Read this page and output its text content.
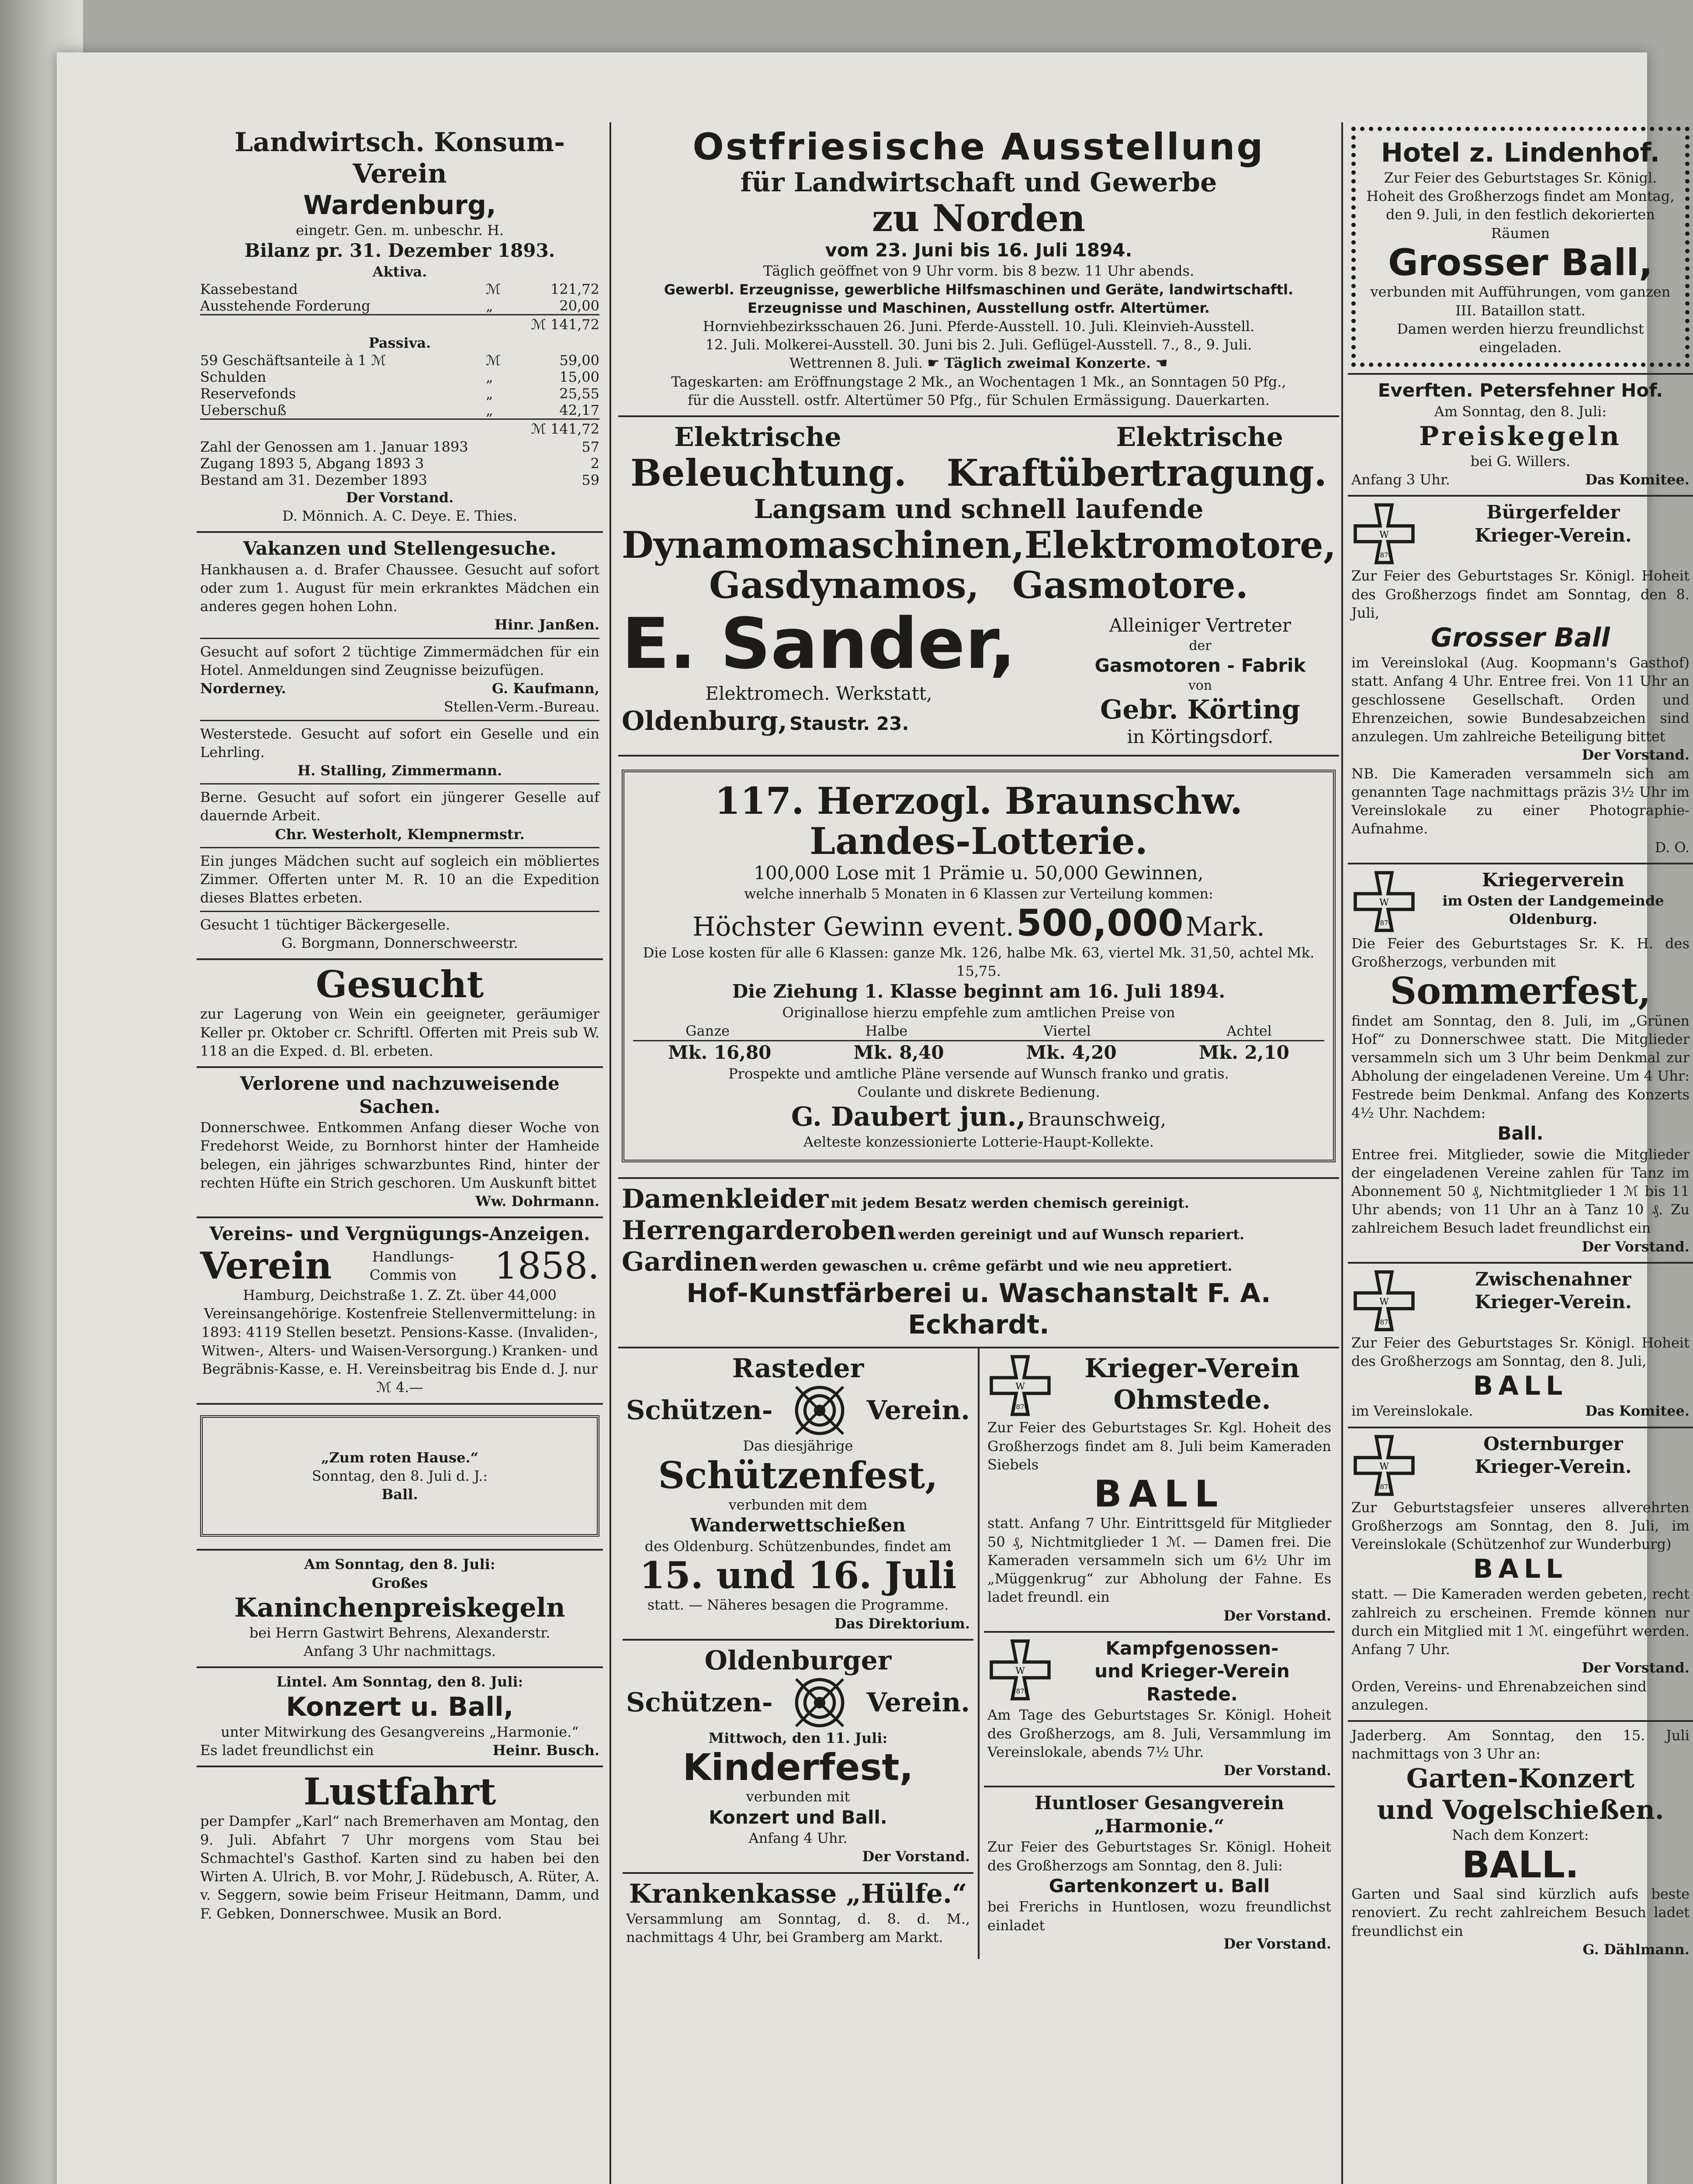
Landwirtsch. Konsum-Verein
Wardenburg,
eingetr. Gen. m. unbeschr. H.
Bilanz pr. 31. Dezember 1893.
Aktiva.
Kassebestand	ℳ	121,72
Ausstehende Forderung	„	20,00
ℳ 141,72
Passiva.
59 Geschäftsanteile à 1 ℳ	ℳ	59,00
Schulden	„	15,00
Reservefonds	„	25,55
Ueberschuß	„	42,17
ℳ 141,72
Zahl der Genossen am 1. Januar 1893	57
Zugang 1893 5, Abgang 1893 3	2
Bestand am 31. Dezember 1893	59
Der Vorstand.
D. Mönnich. A. C. Deye. E. Thies.
Vakanzen und Stellengesuche.
Hankhausen a. d. Brafer Chaussee. Gesucht auf sofort oder zum 1. August für mein erkranktes Mädchen ein anderes gegen hohen Lohn.
Hinr. Janßen.
Gesucht auf sofort 2 tüchtige Zimmermädchen für ein Hotel. Anmeldungen sind Zeugnisse beizufügen.
Norderney.	G. Kaufmann,
Stellen-Verm.-Bureau.
Westerstede. Gesucht auf sofort ein Geselle und ein Lehrling.
H. Stalling, Zimmermann.
Berne. Gesucht auf sofort ein jüngerer Geselle auf dauernde Arbeit.
Chr. Westerholt, Klempnermstr.
Ein junges Mädchen sucht auf sogleich ein möbliertes Zimmer. Offerten unter M. R. 10 an die Expedition dieses Blattes erbeten.
Gesucht 1 tüchtiger Bäckergeselle.
G. Borgmann, Donnerschweerstr.
Gesucht
zur Lagerung von Wein ein geeigneter, geräumiger Keller pr. Oktober cr. Schriftl. Offerten mit Preis sub W. 118 an die Exped. d. Bl. erbeten.
Verlorene und nachzuweisende Sachen.
Donnerschwee. Entkommen Anfang dieser Woche von Fredehorst Weide, zu Bornhorst hinter der Hamheide belegen, ein jähriges schwarzbuntes Rind, hinter der rechten Hüfte ein Strich geschoren. Um Auskunft bittet
Ww. Dohrmann.
Vereins- und Vergnügungs-Anzeigen.
Verein	Handlungs-Commis von 1858.
Hamburg, Deichstraße 1. Z. Zt. über 44,000 Vereinsangehörige. Kostenfreie Stellenvermittelung: in 1893: 4119 Stellen besetzt. Pensions-Kasse. (Invaliden-, Witwen-, Alters- und Waisen-Versorgung.) Kranken- und Begräbnis-Kasse, e. H. Vereinsbeitrag bis Ende d. J. nur ℳ 4.—
„Zum roten Hause.“
Sonntag, den 8. Juli d. J.:
Ball.
Am Sonntag, den 8. Juli:
Großes
Kaninchenpreiskegeln
bei Herrn Gastwirt Behrens, Alexanderstr.
Anfang 3 Uhr nachmittags.
Lintel. Am Sonntag, den 8. Juli:
Konzert u. Ball,
unter Mitwirkung des Gesangvereins „Harmonie.“
Es ladet freundlichst ein	Heinr. Busch.
Lustfahrt
per Dampfer „Karl“ nach Bremerhaven am Montag, den 9. Juli. Abfahrt 7 Uhr morgens vom Stau bei Schmachtel's Gasthof. Karten sind zu haben bei den Wirten A. Ulrich, B. vor Mohr, J. Rüdebusch, A. Rüter, A. v. Seggern, sowie beim Friseur Heitmann, Damm, und F. Gebken, Donnerschwee. Musik an Bord.
Ostfriesische Ausstellung
für Landwirtschaft und Gewerbe
zu Norden
vom 23. Juni bis 16. Juli 1894.
Täglich geöffnet von 9 Uhr vorm. bis 8 bezw. 11 Uhr abends.
Gewerbl. Erzeugnisse, gewerbliche Hilfsmaschinen und Geräte, landwirtschaftl.
Erzeugnisse und Maschinen, Ausstellung ostfr. Altertümer.
Hornviehbezirksschauen 26. Juni. Pferde-Ausstell. 10. Juli. Kleinvieh-Ausstell.
12. Juli. Molkerei-Ausstell. 30. Juni bis 2. Juli. Geflügel-Ausstell. 7., 8., 9. Juli.
Wettrennen 8. Juli. ☛ Täglich zweimal Konzerte. ☚
Tageskarten: am Eröffnungstage 2 Mk., an Wochentagen 1 Mk., an Sonntagen 50 Pfg.,
für die Ausstell. ostfr. Altertümer 50 Pfg., für Schulen Ermässigung. Dauerkarten.
Elektrische	Elektrische
Beleuchtung. Kraftübertragung.
Langsam und schnell laufende
Dynamomaschinen, Elektromotore,
Gasdynamos, Gasmotore.
E. Sander,
Elektromech. Werkstatt,
Oldenburg, Staustr. 23.
Alleiniger Vertreter
der
Gasmotoren - Fabrik
von
Gebr. Körting
in Körtingsdorf.
117. Herzogl. Braunschw.
Landes-Lotterie.
100,000 Lose mit 1 Prämie u. 50,000 Gewinnen,
welche innerhalb 5 Monaten in 6 Klassen zur Verteilung kommen:
Höchster Gewinn event. 500,000 Mark.
Die Lose kosten für alle 6 Klassen: ganze Mk. 126, halbe Mk. 63, viertel Mk. 31,50, achtel Mk. 15,75.
Die Ziehung 1. Klasse beginnt am 16. Juli 1894.
Originallose hierzu empfehle zum amtlichen Preise von
Ganze	Halbe	Viertel	Achtel
Mk. 16,80	Mk. 8,40	Mk. 4,20	Mk. 2,10
Prospekte und amtliche Pläne versende auf Wunsch franko und gratis.
Coulante und diskrete Bedienung.
G. Daubert jun., Braunschweig,
Aelteste konzessionierte Lotterie-Haupt-Kollekte.
Damenkleider mit jedem Besatz werden chemisch gereinigt.
Herrengarderoben werden gereinigt und auf Wunsch repariert.
Gardinen werden gewaschen u. crême gefärbt und wie neu appretiert.
Hof-Kunstfärberei u. Waschanstalt F. A. Eckhardt.
Rasteder
Schützen-	Verein.
Das diesjährige
Schützenfest,
verbunden mit dem
Wanderwettschießen
des Oldenburg. Schützenbundes, findet am
15. und 16. Juli
statt. — Näheres besagen die Programme.
Das Direktorium.
Oldenburger
Schützen-	Verein.
Mittwoch, den 11. Juli:
Kinderfest,
verbunden mit
Konzert und Ball.
Anfang 4 Uhr.
Der Vorstand.
Krankenkasse „Hülfe.“
Versammlung am Sonntag, d. 8. d. M., nachmittags 4 Uhr, bei Gramberg am Markt.
W
1870
Krieger-Verein
Ohmstede.
Zur Feier des Geburtstages Sr. Kgl. Hoheit des Großherzogs findet am 8. Juli beim Kameraden Siebels
BALL
statt. Anfang 7 Uhr. Eintrittsgeld für Mitglieder 50 ₰, Nichtmitglieder 1 ℳ. — Damen frei. Die Kameraden versammeln sich um 6½ Uhr im „Müggenkrug“ zur Abholung der Fahne. Es ladet freundl. ein
Der Vorstand.
W
1870
Kampfgenossen-
und Krieger-Verein
Rastede.
Am Tage des Geburtstages Sr. Königl. Hoheit des Großherzogs, am 8. Juli, Versammlung im Vereinslokale, abends 7½ Uhr.
Der Vorstand.
Huntloser Gesangverein
„Harmonie.“
Zur Feier des Geburtstages Sr. Königl. Hoheit des Großherzogs am Sonntag, den 8. Juli:
Gartenkonzert u. Ball
bei Frerichs in Huntlosen, wozu freundlichst einladet
Der Vorstand.
Hotel z. Lindenhof.
Zur Feier des Geburtstages Sr. Königl. Hoheit des Großherzogs findet am Montag, den 9. Juli, in den festlich dekorierten Räumen
Grosser Ball,
verbunden mit Aufführungen, vom ganzen III. Bataillon statt.
Damen werden hierzu freundlichst eingeladen.
Everften. Petersfehner Hof.
Am Sonntag, den 8. Juli:
Preiskegeln
bei G. Willers.
Anfang 3 Uhr.	Das Komitee.
W
1870
Bürgerfelder
Krieger-Verein.
Zur Feier des Geburtstages Sr. Königl. Hoheit des Großherzogs findet am Sonntag, den 8. Juli,
Grosser Ball
im Vereinslokal (Aug. Koopmann's Gasthof) statt. Anfang 4 Uhr. Entree frei. Von 11 Uhr an geschlossene Gesellschaft. Orden und Ehrenzeichen, sowie Bundesabzeichen sind anzulegen. Um zahlreiche Beteiligung bittet
Der Vorstand.
NB. Die Kameraden versammeln sich am genannten Tage nachmittags präzis 3½ Uhr im Vereinslokale zu einer Photographie-Aufnahme.
D. O.
W
1870
Kriegerverein
im Osten der Landgemeinde Oldenburg.
Die Feier des Geburtstages Sr. K. H. des Großherzogs, verbunden mit
Sommerfest,
findet am Sonntag, den 8. Juli, im „Grünen Hof“ zu Donnerschwee statt. Die Mitglieder versammeln sich um 3 Uhr beim Denkmal zur Abholung der eingeladenen Vereine. Um 4 Uhr: Festrede beim Denkmal. Anfang des Konzerts 4½ Uhr. Nachdem:
Ball.
Entree frei. Mitglieder, sowie die Mitglieder der eingeladenen Vereine zahlen für Tanz im Abonnement 50 ₰, Nichtmitglieder 1 ℳ bis 11 Uhr abends; von 11 Uhr an à Tanz 10 ₰. Zu zahlreichem Besuch ladet freundlichst ein
Der Vorstand.
W
1870
Zwischenahner
Krieger-Verein.
Zur Feier des Geburtstages Sr. Königl. Hoheit des Großherzogs am Sonntag, den 8. Juli,
BALL
im Vereinslokale.	Das Komitee.
W
1870
Osternburger
Krieger-Verein.
Zur Geburtstagsfeier unseres allverehrten Großherzogs am Sonntag, den 8. Juli, im Vereinslokale (Schützenhof zur Wunderburg)
BALL
statt. — Die Kameraden werden gebeten, recht zahlreich zu erscheinen. Fremde können nur durch ein Mitglied mit 1 ℳ. eingeführt werden. Anfang 7 Uhr.
Der Vorstand.
Orden, Vereins- und Ehrenabzeichen sind anzulegen.
Jaderberg. Am Sonntag, den 15. Juli nachmittags von 3 Uhr an:
Garten-Konzert
und Vogelschießen.
Nach dem Konzert:
BALL.
Garten und Saal sind kürzlich aufs beste renoviert. Zu recht zahlreichem Besuch ladet freundlichst ein
G. Dählmann.
